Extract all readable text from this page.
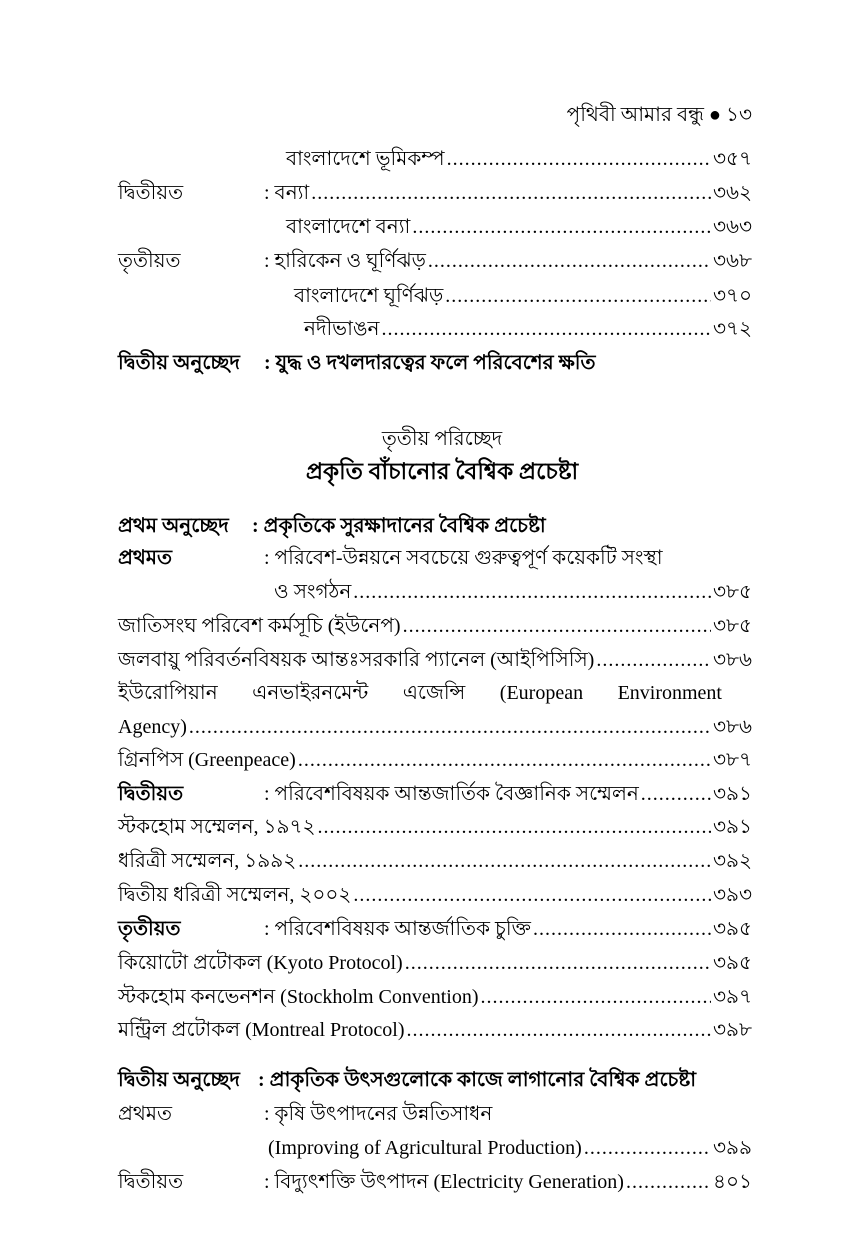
পৃথিবী আমার বন্ধু ● ১৩
বাংলাদেশে ভূমিকম্প .....	৩৫৭
দ্বিতীয়ত	: বন্যা .....	৩৬২
বাংলাদেশে বন্যা .....	৩৬৩
তৃতীয়ত	: হারিকেন ও ঘূর্ণিঝড় .....	৩৬৮
বাংলাদেশে ঘূর্ণিঝড় .....	৩৭০
নদীভাঙন .....	৩৭২
দ্বিতীয় অনুচ্ছেদ : যুদ্ধ ও দখলদারত্বের ফলে পরিবেশের ক্ষতি
তৃতীয় পরিচ্ছেদ
প্রকৃতি বাঁচানোর বৈশ্বিক প্রচেষ্টা
প্রথম অনুচ্ছেদ : প্রকৃতিকে সুরক্ষাদানের বৈশ্বিক প্রচেষ্টা
প্রথমত	: পরিবেশ-উন্নয়নে সবচেয়ে গুরুত্বপূর্ণ কয়েকটি সংস্থা
ও সংগঠন .....	৩৮৫
জাতিসংঘ পরিবেশ কর্মসূচি (ইউনেপ) .....	৩৮৫
জলবায়ু পরিবর্তনবিষয়ক আন্তঃসরকারি প্যানেল (আইপিসিসি) .....	৩৮৬
ইউরোপিয়ান এনভাইরনমেন্ট এজেন্সি (European Environment
Agency) .....	৩৮৬
গ্রিনপিস (Greenpeace) .....	৩৮৭
দ্বিতীয়ত	: পরিবেশবিষয়ক আন্তজার্তিক বৈজ্ঞানিক সম্মেলন .....	৩৯১
স্টকহোম সম্মেলন, ১৯৭২ .....	৩৯১
ধরিত্রী সম্মেলন, ১৯৯২ .....	৩৯২
দ্বিতীয় ধরিত্রী সম্মেলন, ২০০২ .....	৩৯৩
তৃতীয়ত	: পরিবেশবিষয়ক আন্তর্জাতিক চুক্তি .....	৩৯৫
কিয়োটো প্রটোকল (Kyoto Protocol) .....	৩৯৫
স্টকহোম কনভেনশন (Stockholm Convention) .....	৩৯৭
মন্ট্রিল প্রটোকল (Montreal Protocol) .....	৩৯৮
দ্বিতীয় অনুচ্ছেদ : প্রাকৃতিক উৎসগুলোকে কাজে লাগানোর বৈশ্বিক প্রচেষ্টা
প্রথমত	: কৃষি উৎপাদনের উন্নতিসাধন
(Improving of Agricultural Production) .....	৩৯৯
দ্বিতীয়ত	: বিদ্যুৎশক্তি উৎপাদন (Electricity Generation) .....	৪০১
